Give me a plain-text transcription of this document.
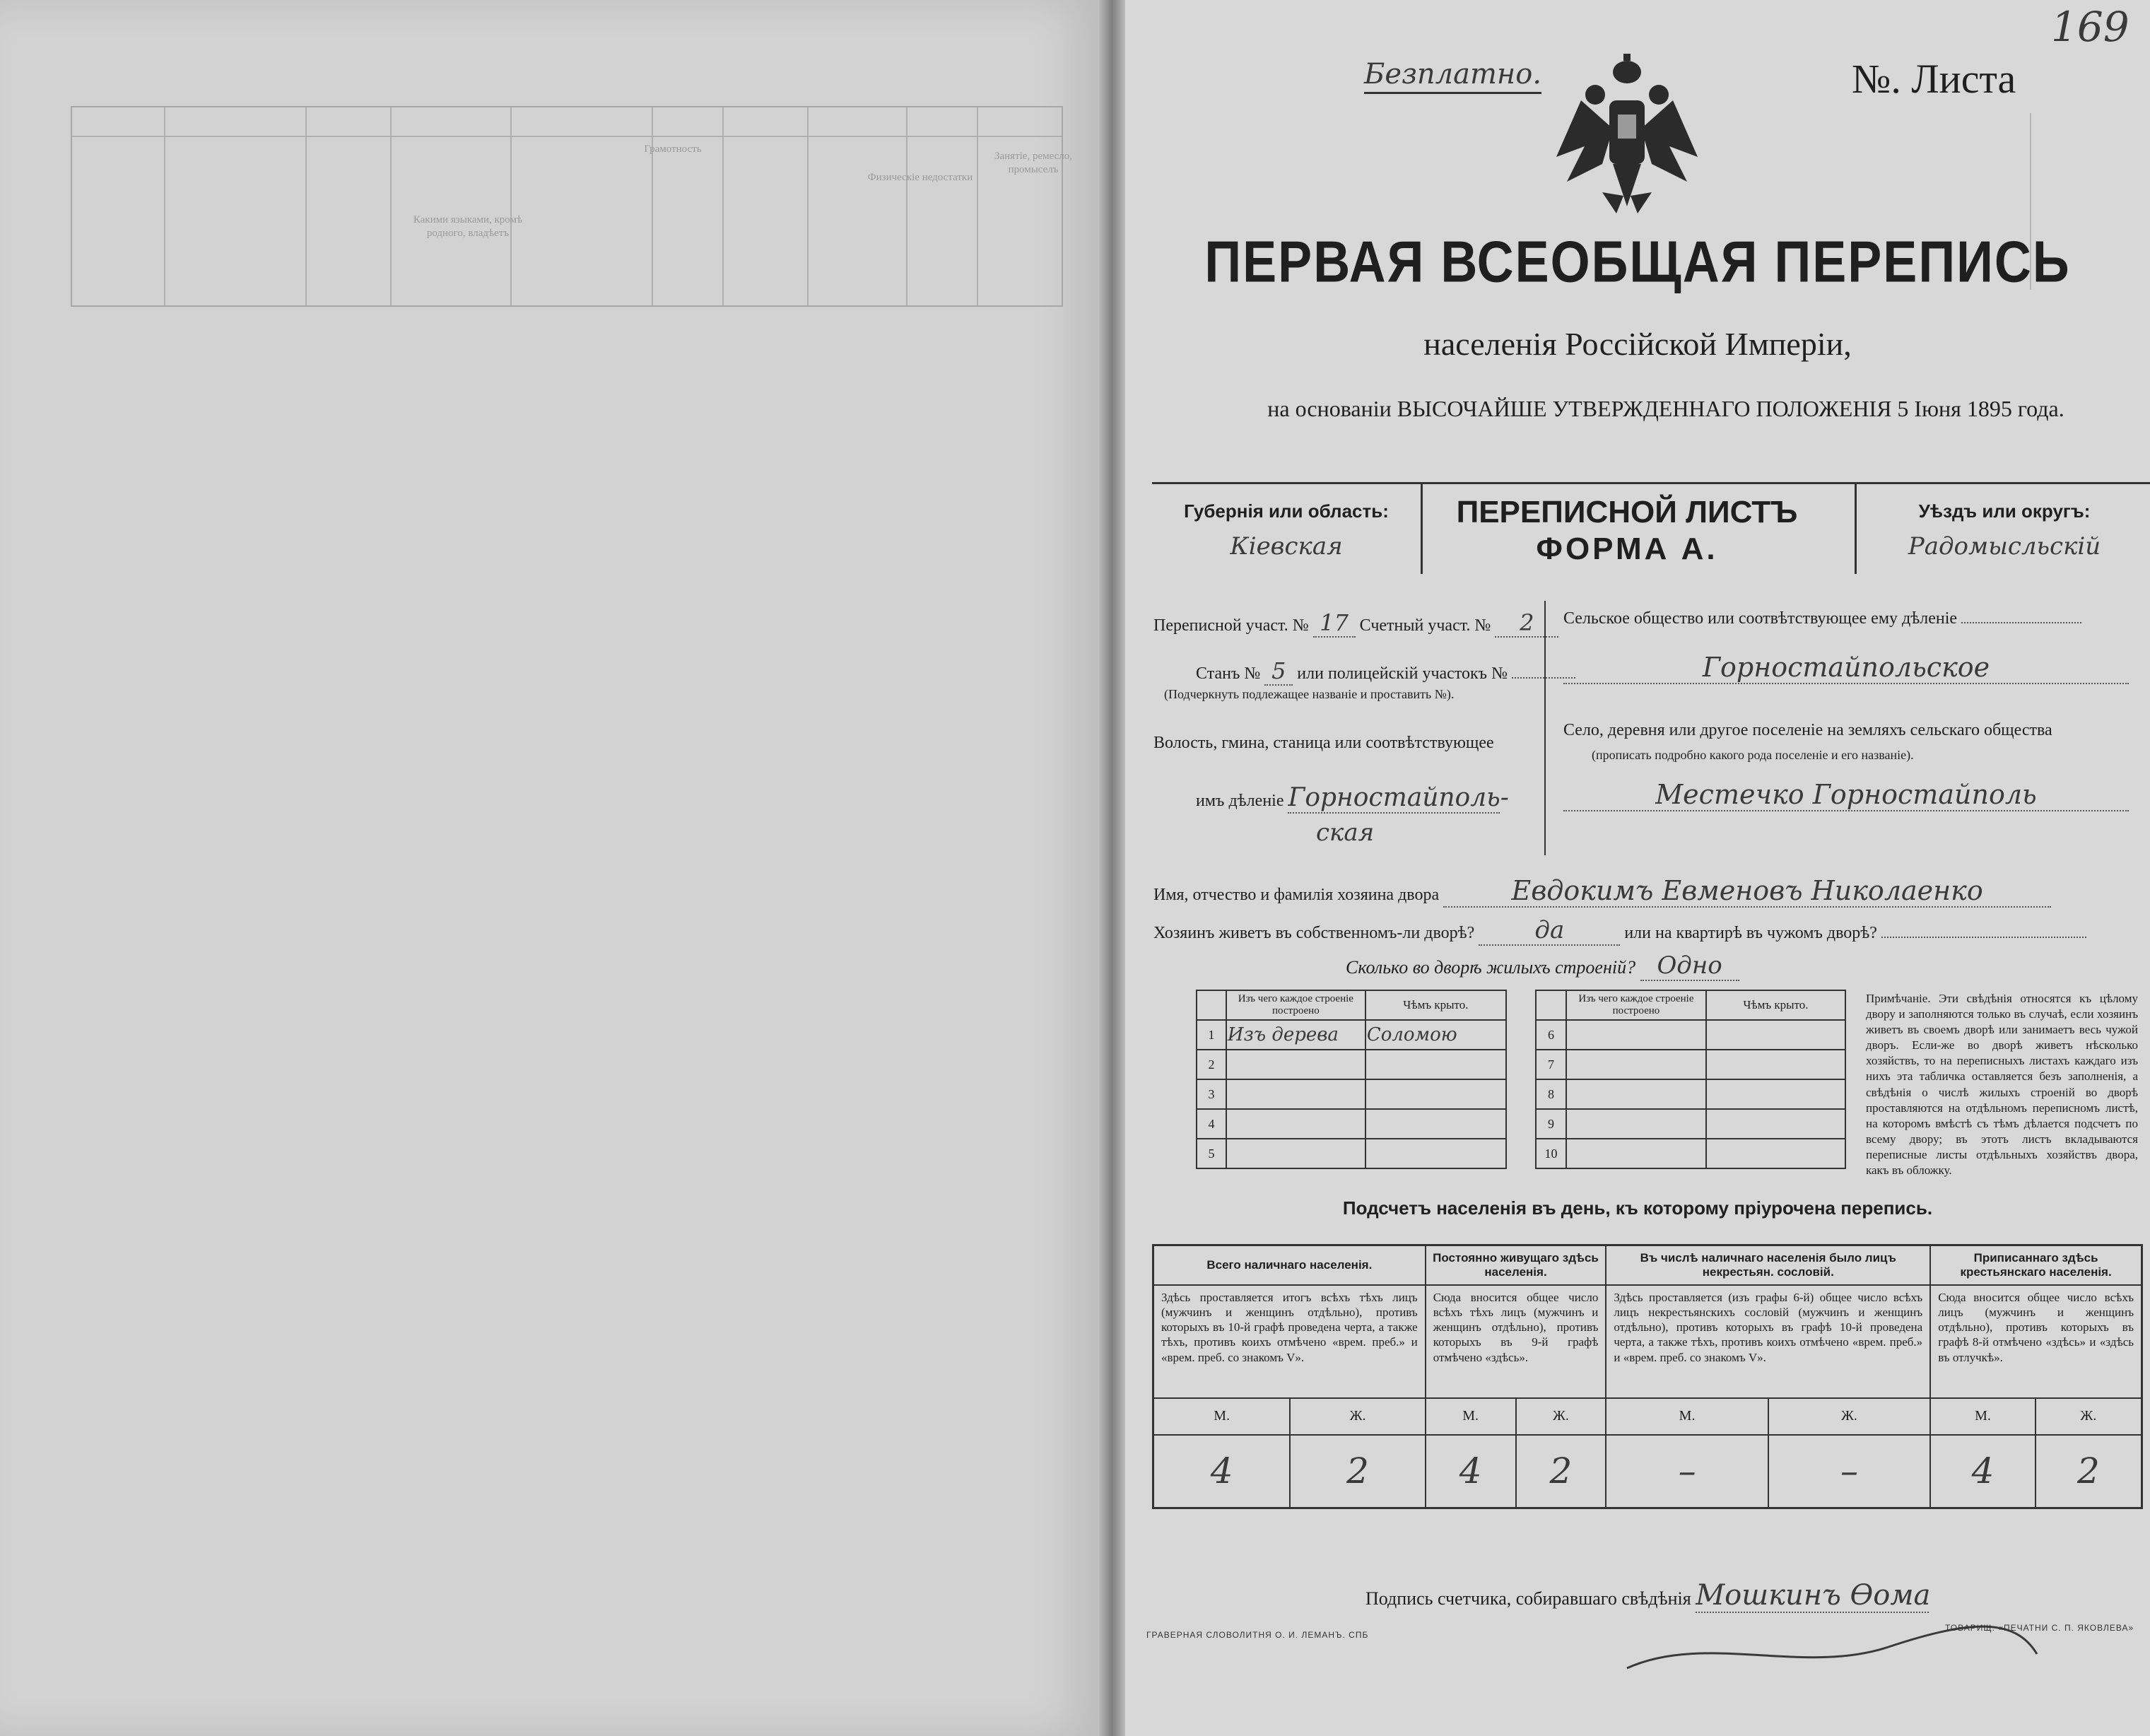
Какими языками, кромѣ родного, владѣетъ
Грамотность
Физическіе недостатки
Занятіе, ремесло, промыселъ
Безплатно.	№. Листа
169
ПЕРВАЯ ВСЕОБЩАЯ ПЕРЕПИСЬ
населенія Россійской Имперіи,
на основаніи ВЫСОЧАЙШЕ УТВЕРЖДЕННАГО ПОЛОЖЕНІЯ 5 Іюня 1895 года.
Губернія или область:
Кіевская
ПЕРЕПИСНОЙ ЛИСТЪ
ФОРМА А.
Уѣздъ или округъ:
Радомысльскій
Переписной участ. № 17 Счетный участ. № 2
Станъ № 5 или полицейскій участокъ №
(Подчеркнуть подлежащее названіе и проставить №).
Волость, гмина, станица или соотвѣтствующее
имъ дѣленіе Горностайполь-
ская
Сельское общество или соотвѣтствующее ему дѣленіе
Горностайпольское
Село, деревня или другое поселеніе на земляхъ сельскаго общества
(прописать подробно какого рода поселеніе и его названіе).
Местечко Горностайполь
Имя, отчество и фамилія хозяина двора	Евдокимъ Евменовъ Николаенко
Хозяинъ живетъ въ собственномъ-ли дворѣ?	да	или на квартирѣ въ чужомъ дворѣ?
Сколько во дворѣ жилыхъ строеній? Одно
	Изъ чего каждое строеніе построено	Чѣмъ крыто.
1	Изъ дерева	Соломою
2		
3		
4		
5		
	Изъ чего каждое строеніе построено	Чѣмъ крыто.
6		
7		
8		
9		
10		
Примѣчаніе. Эти свѣдѣнія относятся къ цѣлому двору и заполняются только въ случаѣ, если хозяинъ живетъ въ своемъ дворѣ или занимаетъ весь чужой дворъ. Если-же во дворѣ живетъ нѣсколько хозяйствъ, то на переписныхъ листахъ каждаго изъ нихъ эта табличка оставляется безъ заполненія, а свѣдѣнія о числѣ жилыхъ строеній во дворѣ проставляются на отдѣльномъ переписномъ листѣ, на которомъ вмѣстѣ съ тѣмъ дѣлается подсчетъ по всему двору; въ этотъ листъ вкладываются переписные листы отдѣльныхъ хозяйствъ двора, какъ въ обложку.
Подсчетъ населенія въ день, къ которому пріурочена перепись.
Всего наличнаго населенія.		Постоянно живущаго здѣсь населенія.		Въ числѣ наличнаго населенія было лицъ некрестьян. сословій.		Приписаннаго здѣсь крестьянскаго населенія.	
Здѣсь проставляется итогъ всѣхъ тѣхъ лицъ (мужчинъ и женщинъ отдѣльно), противъ которыхъ въ 10-й графѣ проведена черта, а также тѣхъ, противъ коихъ отмѣчено «врем. преб.» и «врем. преб. со знакомъ V».		Сюда вносится общее число всѣхъ тѣхъ лицъ (мужчинъ и женщинъ отдѣльно), противъ которыхъ въ 9-й графѣ отмѣчено «здѣсь».		Здѣсь проставляется (изъ графы 6-й) общее число всѣхъ лицъ некрестьянскихъ сословій (мужчинъ и женщинъ отдѣльно), противъ которыхъ въ графѣ 10-й проведена черта, а также тѣхъ, противъ коихъ отмѣчено «врем. преб.» и «врем. преб. со знакомъ V».		Сюда вносится общее число всѣхъ лицъ (мужчинъ и женщинъ отдѣльно), противъ которыхъ въ графѣ 8-й отмѣчено «здѣсь» и «здѣсь въ отлучкѣ».	
М.	Ж.	М.	Ж.	М.	Ж.	М.	Ж.
4	2	4	2	–	–	4	2
Подпись счетчика, собиравшаго свѣдѣнія Мошкинъ Ѳома
ГРАВЕРНАЯ СЛОВОЛИТНЯ О. И. ЛЕМАНЪ. СПБ
ТОВАРИЩ. «ПЕЧАТНИ С. П. ЯКОВЛЕВА»
